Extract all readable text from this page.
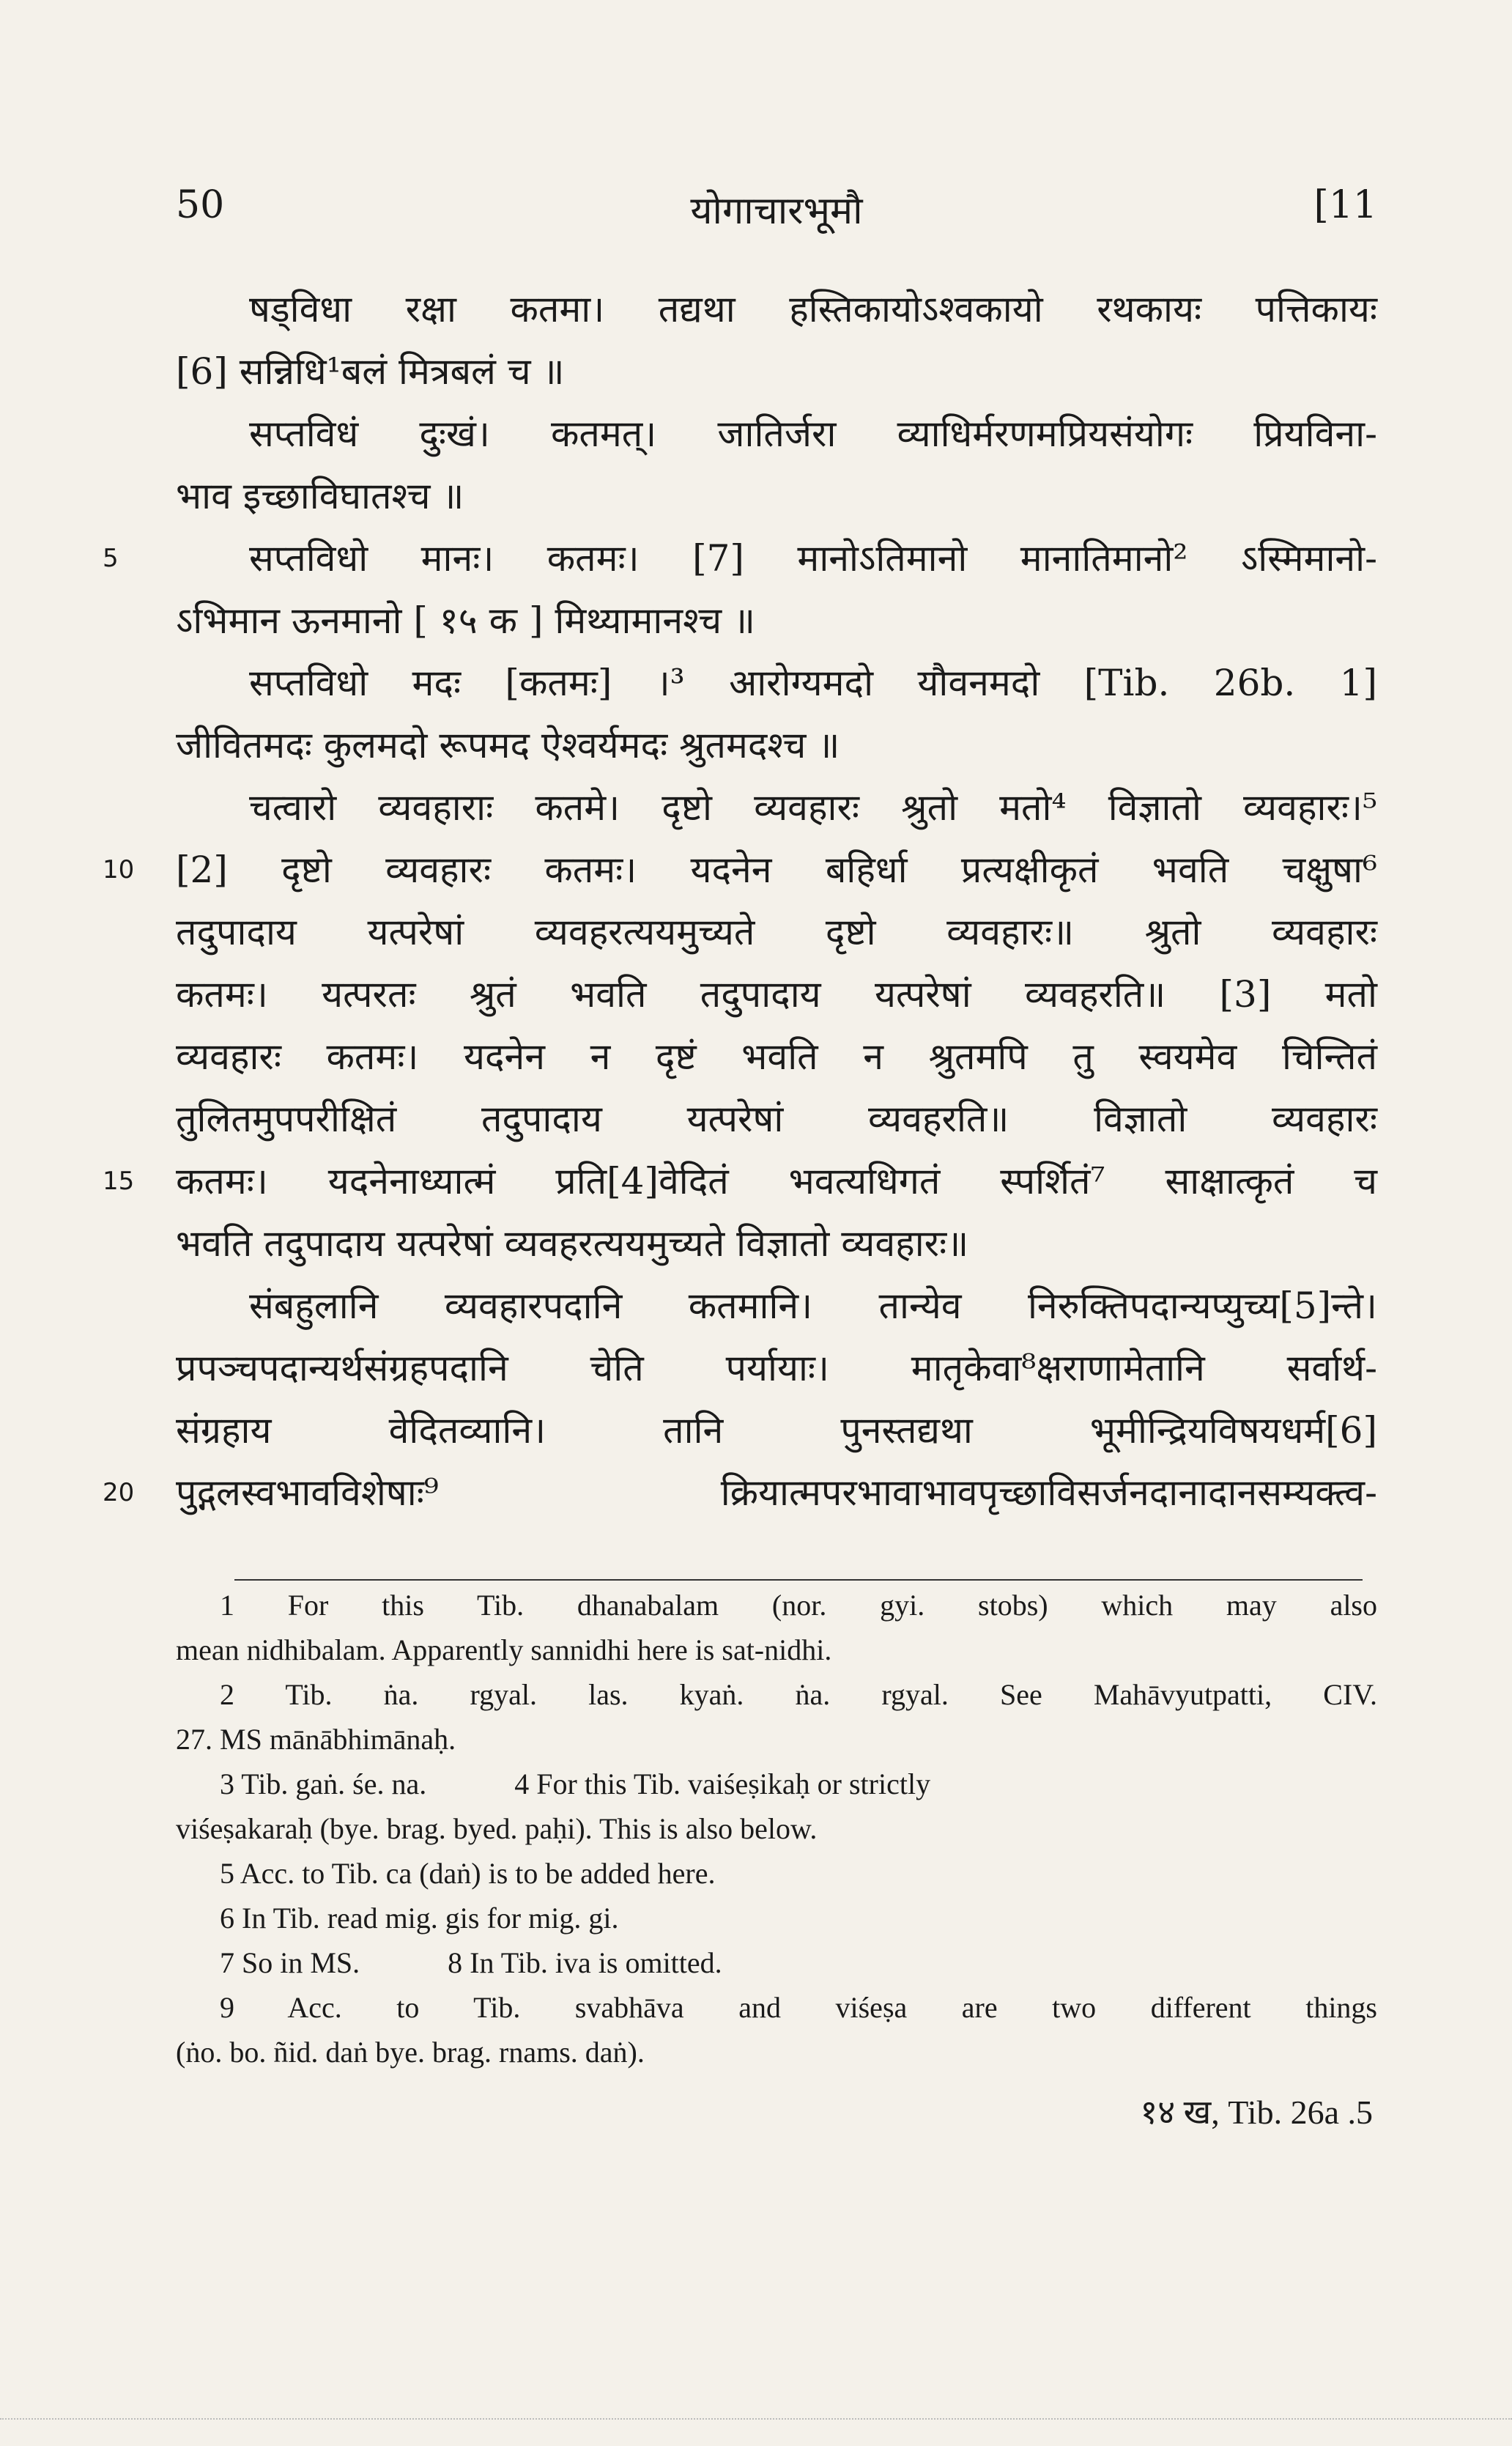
50	योगाचारभूमौ	[11
षड्विधा रक्षा कतमा। तद्यथा हस्तिकायोऽश्वकायो रथकायः पत्तिकायः
[6] सन्निधि¹बलं मित्रबलं च ॥
सप्तविधं दुःखं। कतमत्। जातिर्जरा व्याधिर्मरणमप्रियसंयोगः प्रियविना-
भाव इच्छाविघातश्च ॥
5	सप्तविधो मानः। कतमः। [7] मानोऽतिमानो मानातिमानो² ऽस्मिमानो-
ऽभिमान ऊनमानो [ १५ क ] मिथ्यामानश्च ॥
सप्तविधो मदः [कतमः] ।³ आरोग्यमदो यौवनमदो [Tib. 26b. 1]
जीवितमदः कुलमदो रूपमद ऐश्वर्यमदः श्रुतमदश्च ॥
चत्वारो व्यवहाराः कतमे। दृष्टो व्यवहारः श्रुतो मतो⁴ विज्ञातो व्यवहारः।⁵
10	[2] दृष्टो व्यवहारः कतमः। यदनेन बहिर्धा प्रत्यक्षीकृतं भवति चक्षुषा⁶
तदुपादाय यत्परेषां व्यवहरत्ययमुच्यते दृष्टो व्यवहारः॥ श्रुतो व्यवहारः
कतमः। यत्परतः श्रुतं भवति तदुपादाय यत्परेषां व्यवहरति॥ [3] मतो
व्यवहारः कतमः। यदनेन न दृष्टं भवति न श्रुतमपि तु स्वयमेव चिन्तितं
तुलितमुपपरीक्षितं तदुपादाय यत्परेषां व्यवहरति॥ विज्ञातो व्यवहारः
15	कतमः। यदनेनाध्यात्मं प्रति[4]वेदितं भवत्यधिगतं स्पर्शितं⁷ साक्षात्कृतं च
भवति तदुपादाय यत्परेषां व्यवहरत्ययमुच्यते विज्ञातो व्यवहारः॥
संबहुलानि व्यवहारपदानि कतमानि। तान्येव निरुक्तिपदान्यप्युच्य[5]न्ते।
प्रपञ्चपदान्यर्थसंग्रहपदानि चेति पर्यायाः। मातृकेवा⁸क्षराणामेतानि सर्वार्थ-
संग्रहाय वेदितव्यानि। तानि पुनस्तद्यथा भूमीन्द्रियविषयधर्म[6]
20	पुद्गलस्वभावविशेषाः⁹ क्रियात्मपरभावाभावपृच्छाविसर्जनदानादानसम्यक्त्व-
1 For this Tib. dhanabalam (nor. gyi. stobs) which may also
mean nidhibalam. Apparently sannidhi here is sat-nidhi.
2 Tib. ṅa. rgyal. las. kyaṅ. ṅa. rgyal. See Mahāvyutpatti, CIV.
27. MS mānābhimānaḥ.
3 Tib. gaṅ. śe. na.	4 For this Tib. vaiśeṣikaḥ or strictly
viśeṣakaraḥ (bye. brag. byed. paḥi). This is also below.
5 Acc. to Tib. ca (daṅ) is to be added here.
6 In Tib. read mig. gis for mig. gi.
7 So in MS.	8 In Tib. iva is omitted.
9 Acc. to Tib. svabhāva and viśeṣa are two different things
(ṅo. bo. ñid. daṅ bye. brag. rnams. daṅ).
१४ ख, Tib. 26a .5
